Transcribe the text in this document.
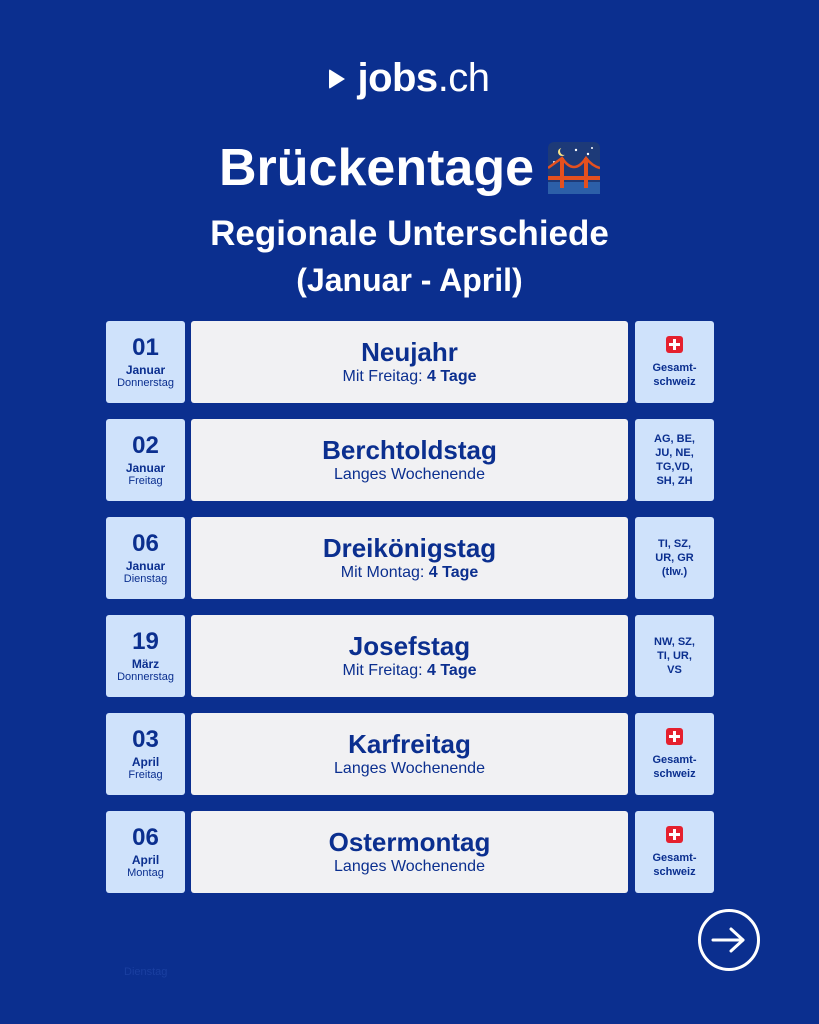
jobs.ch
Brückentage
Regionale Unterschiede
(Januar - April)
01
Januar
Donnerstag
Neujahr
Mit Freitag: 4 Tage
Gesamt-
schweiz
02
Januar
Freitag
Berchtoldstag
Langes Wochenende
AG, BE,
JU, NE,
TG,VD,
SH, ZH
06
Januar
Dienstag
Dreikönigstag
Mit Montag: 4 Tage
TI, SZ,
UR, GR
(tlw.)
19
März
Donnerstag
Josefstag
Mit Freitag: 4 Tage
NW, SZ,
TI, UR,
VS
03
April
Freitag
Karfreitag
Langes Wochenende
Gesamt-
schweiz
06
April
Montag
Ostermontag
Langes Wochenende
Gesamt-
schweiz
Dienstag
